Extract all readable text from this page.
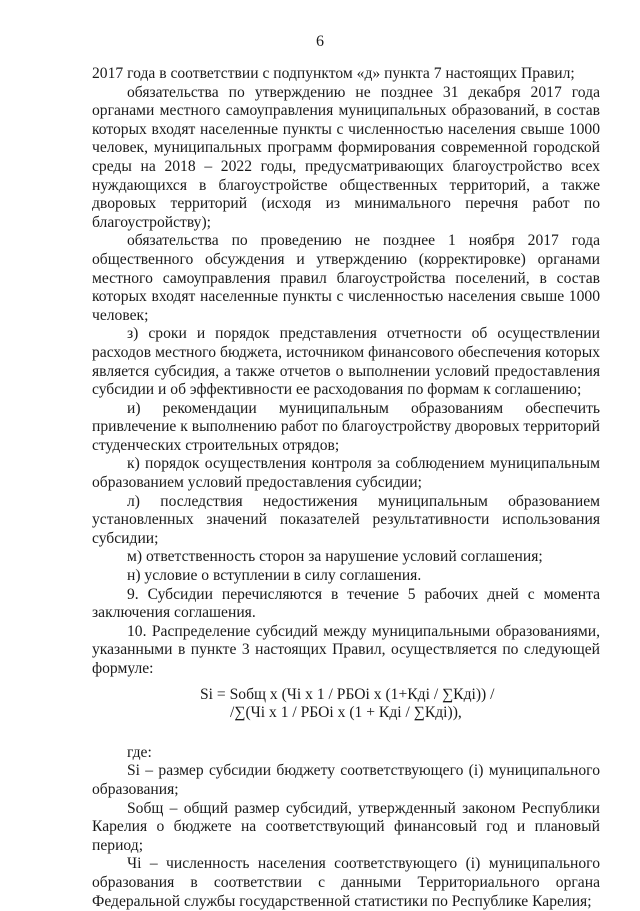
6

2017 года в соответствии с подпунктом «д» пункта 7 настоящих Правил;

обязательства по утверждению не позднее 31 декабря 2017 года органами местного самоуправления муниципальных образований, в состав которых входят населенные пункты с численностью населения свыше 1000 человек, муниципальных программ формирования современной городской среды на 2018 – 2022 годы, предусматривающих благоустройство всех нуждающихся в благоустройстве общественных территорий, а также дворовых территорий (исходя из минимального перечня работ по благоустройству);

обязательства по проведению не позднее 1 ноября 2017 года общественного обсуждения и утверждению (корректировке) органами местного самоуправления правил благоустройства поселений, в состав которых входят населенные пункты с численностью населения свыше 1000 человек;

з) сроки и порядок представления отчетности об осуществлении расходов местного бюджета, источником финансового обеспечения которых является субсидия, а также отчетов о выполнении условий предоставления субсидии и об эффективности ее расходования по формам к соглашению;

и) рекомендации муниципальным образованиям обеспечить привлечение к выполнению работ по благоустройству дворовых территорий студенческих строительных отрядов;

к) порядок осуществления контроля за соблюдением муниципальным образованием условий предоставления субсидии;

л) последствия недостижения муниципальным образованием установленных значений показателей результативности использования субсидии;

м) ответственность сторон за нарушение условий соглашения;

н) условие о вступлении в силу соглашения.

9. Субсидии перечисляются в течение 5 рабочих дней с момента заключения соглашения.

10. Распределение субсидий между муниципальными образованиями, указанными в пункте 3 настоящих Правил, осуществляется по следующей формуле:

Si = Sобщ x (Чi x 1 / РБОi x (1+Кдi / ∑Кдi)) /
/∑(Чi x 1 / РБОi x (1 + Кдi / ∑Кдi)),

где:

Si – размер субсидии бюджету соответствующего (i) муниципального образования;

Sобщ – общий размер субсидий, утвержденный законом Республики Карелия о бюджете на соответствующий финансовый год и плановый период;

Чi – численность населения соответствующего (i) муниципального образования в соответствии с данными Территориального органа Федеральной службы государственной статистики по Республике Карелия;
